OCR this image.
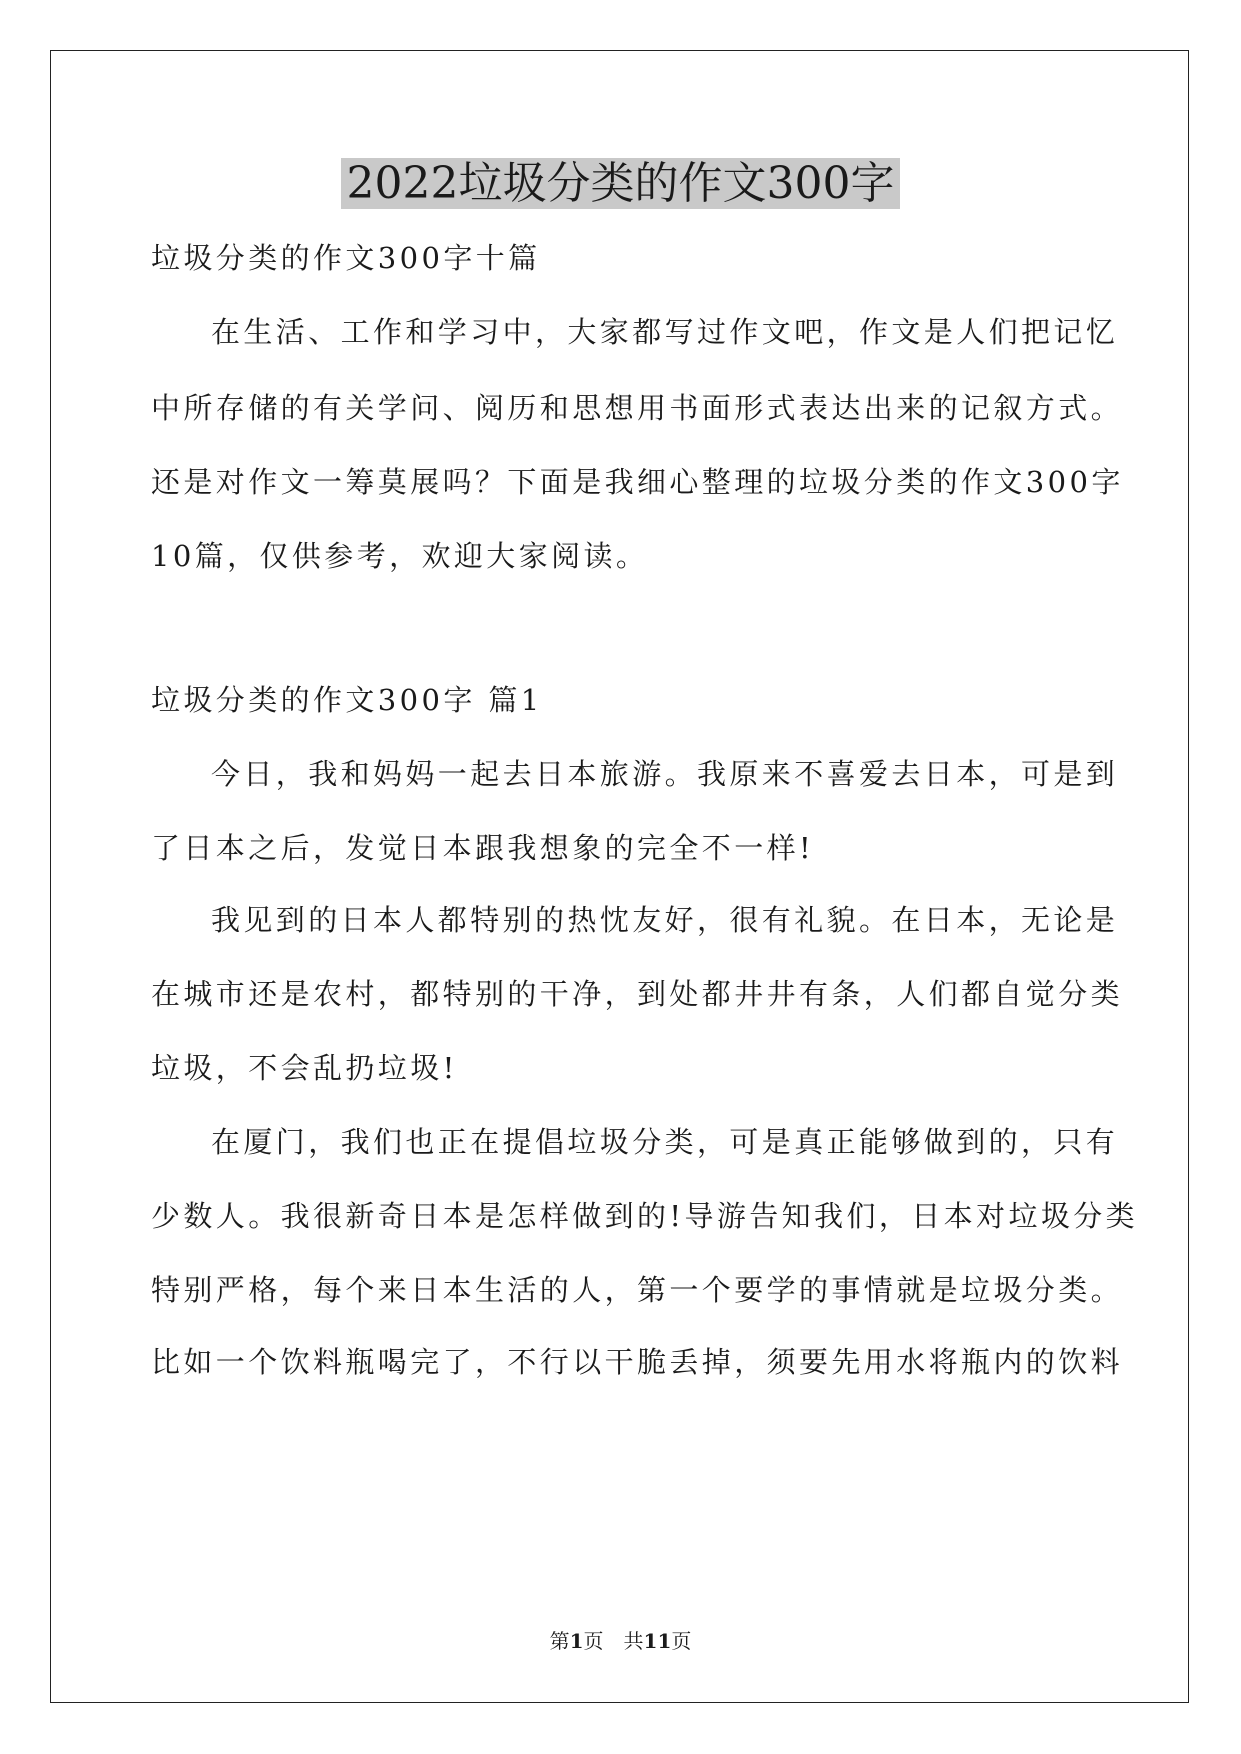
2022垃圾分类的作文300字
垃圾分类的作文300字十篇
在生活、工作和学习中，大家都写过作文吧，作文是人们把记忆
中所存储的有关学问、阅历和思想用书面形式表达出来的记叙方式。
还是对作文一筹莫展吗？下面是我细心整理的垃圾分类的作文300字
10篇，仅供参考，欢迎大家阅读。
垃圾分类的作文300字 篇1
今日，我和妈妈一起去日本旅游。我原来不喜爱去日本，可是到
了日本之后，发觉日本跟我想象的完全不一样!
我见到的日本人都特别的热忱友好，很有礼貌。在日本，无论是
在城市还是农村，都特别的干净，到处都井井有条，人们都自觉分类
垃圾，不会乱扔垃圾!
在厦门，我们也正在提倡垃圾分类，可是真正能够做到的，只有
少数人。我很新奇日本是怎样做到的!导游告知我们，日本对垃圾分类
特别严格，每个来日本生活的人，第一个要学的事情就是垃圾分类。
比如一个饮料瓶喝完了，不行以干脆丢掉，须要先用水将瓶内的饮料
第1页 共11页
